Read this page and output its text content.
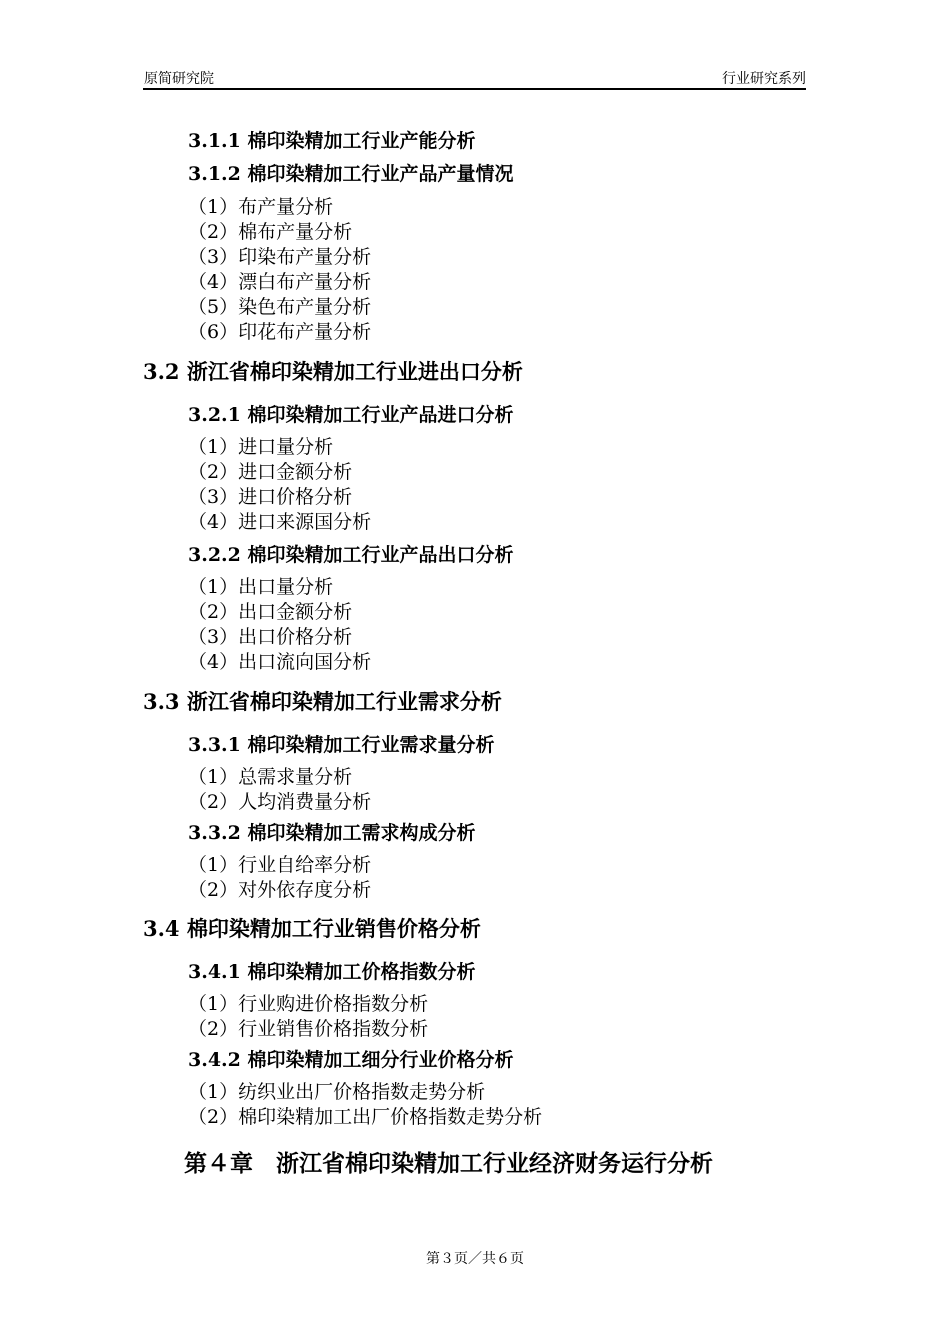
原简研究院	行业研究系列
3.1.1 棉印染精加工行业产能分析
3.1.2 棉印染精加工行业产品产量情况
（1）布产量分析
（2）棉布产量分析
（3）印染布产量分析
（4）漂白布产量分析
（5）染色布产量分析
（6）印花布产量分析
3.2 浙江省棉印染精加工行业进出口分析
3.2.1 棉印染精加工行业产品进口分析
（1）进口量分析
（2）进口金额分析
（3）进口价格分析
（4）进口来源国分析
3.2.2 棉印染精加工行业产品出口分析
（1）出口量分析
（2）出口金额分析
（3）出口价格分析
（4）出口流向国分析
3.3 浙江省棉印染精加工行业需求分析
3.3.1 棉印染精加工行业需求量分析
（1）总需求量分析
（2）人均消费量分析
3.3.2 棉印染精加工需求构成分析
（1）行业自给率分析
（2）对外依存度分析
3.4 棉印染精加工行业销售价格分析
3.4.1 棉印染精加工价格指数分析
（1）行业购进价格指数分析
（2）行业销售价格指数分析
3.4.2 棉印染精加工细分行业价格分析
（1）纺织业出厂价格指数走势分析
（2）棉印染精加工出厂价格指数走势分析
第４章　浙江省棉印染精加工行业经济财务运行分析
第３页／共６页
